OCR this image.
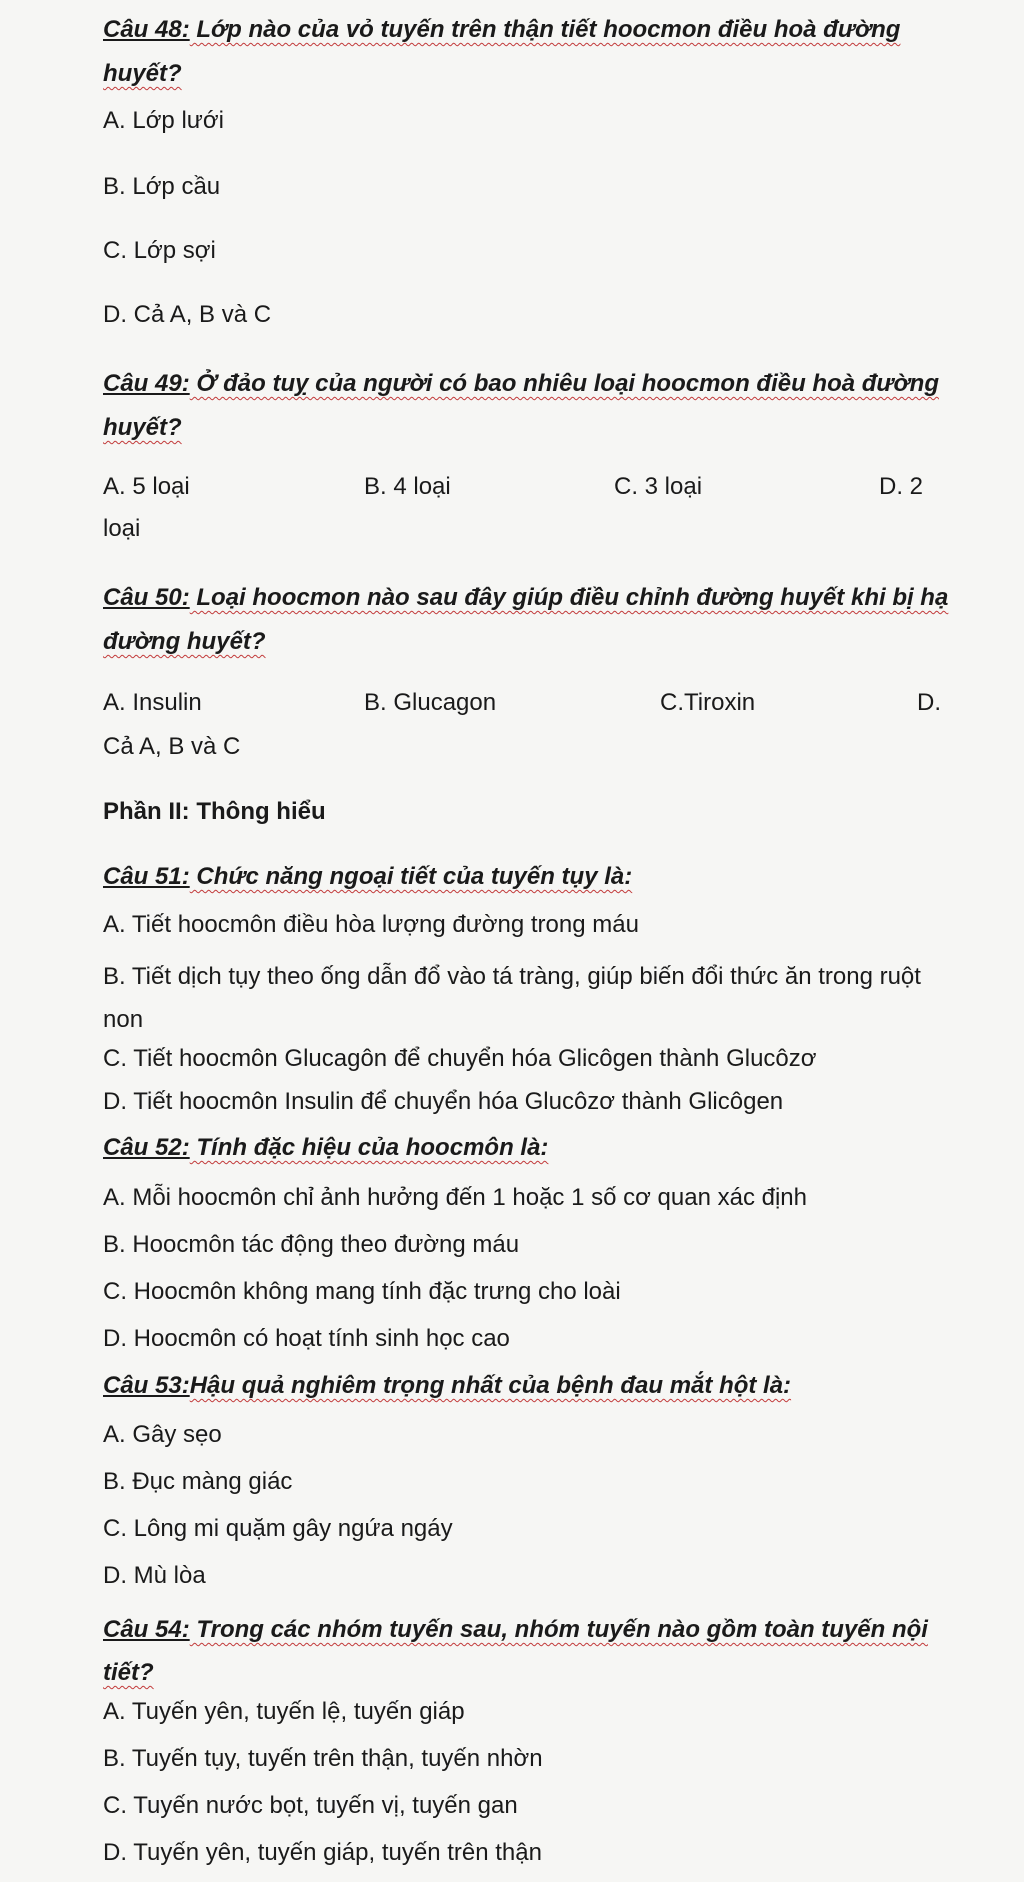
Câu 48: Lớp nào của vỏ tuyến trên thận tiết hoocmon điều hoà đường huyết?
A. Lớp lưới
B. Lớp cầu
C. Lớp sợi
D. Cả A, B và C
Câu 49: Ở đảo tuỵ của người có bao nhiêu loại hoocmon điều hoà đường huyết?
A. 5 loại	B. 4 loại	C. 3 loại	D. 2
loại
Câu 50: Loại hoocmon nào sau đây giúp điều chỉnh đường huyết khi bị hạ đường huyết?
A. Insulin	B. Glucagon	C.Tiroxin	D.
Cả A, B và C
Phần II: Thông hiểu
Câu 51: Chức năng ngoại tiết của tuyến tụy là:
A. Tiết hoocmôn điều hòa lượng đường trong máu
B. Tiết dịch tụy theo ống dẫn đổ vào tá tràng, giúp biến đổi thức ăn trong ruột non
C. Tiết hoocmôn Glucagôn để chuyển hóa Glicôgen thành Glucôzơ
D. Tiết hoocmôn Insulin để chuyển hóa Glucôzơ thành Glicôgen
Câu 52: Tính đặc hiệu của hoocmôn là:
A. Mỗi hoocmôn chỉ ảnh hưởng đến 1 hoặc 1 số cơ quan xác định
B. Hoocmôn tác động theo đường máu
C. Hoocmôn không mang tính đặc trưng cho loài
D. Hoocmôn có hoạt tính sinh học cao
Câu 53:Hậu quả nghiêm trọng nhất của bệnh đau mắt hột là:
A. Gây sẹo
B. Đục màng giác
C. Lông mi quặm gây ngứa ngáy
D. Mù lòa
Câu 54: Trong các nhóm tuyến sau, nhóm tuyến nào gồm toàn tuyến nội tiết?
A. Tuyến yên, tuyến lệ, tuyến giáp
B. Tuyến tụy, tuyến trên thận, tuyến nhờn
C. Tuyến nước bọt, tuyến vị, tuyến gan
D. Tuyến yên, tuyến giáp, tuyến trên thận
